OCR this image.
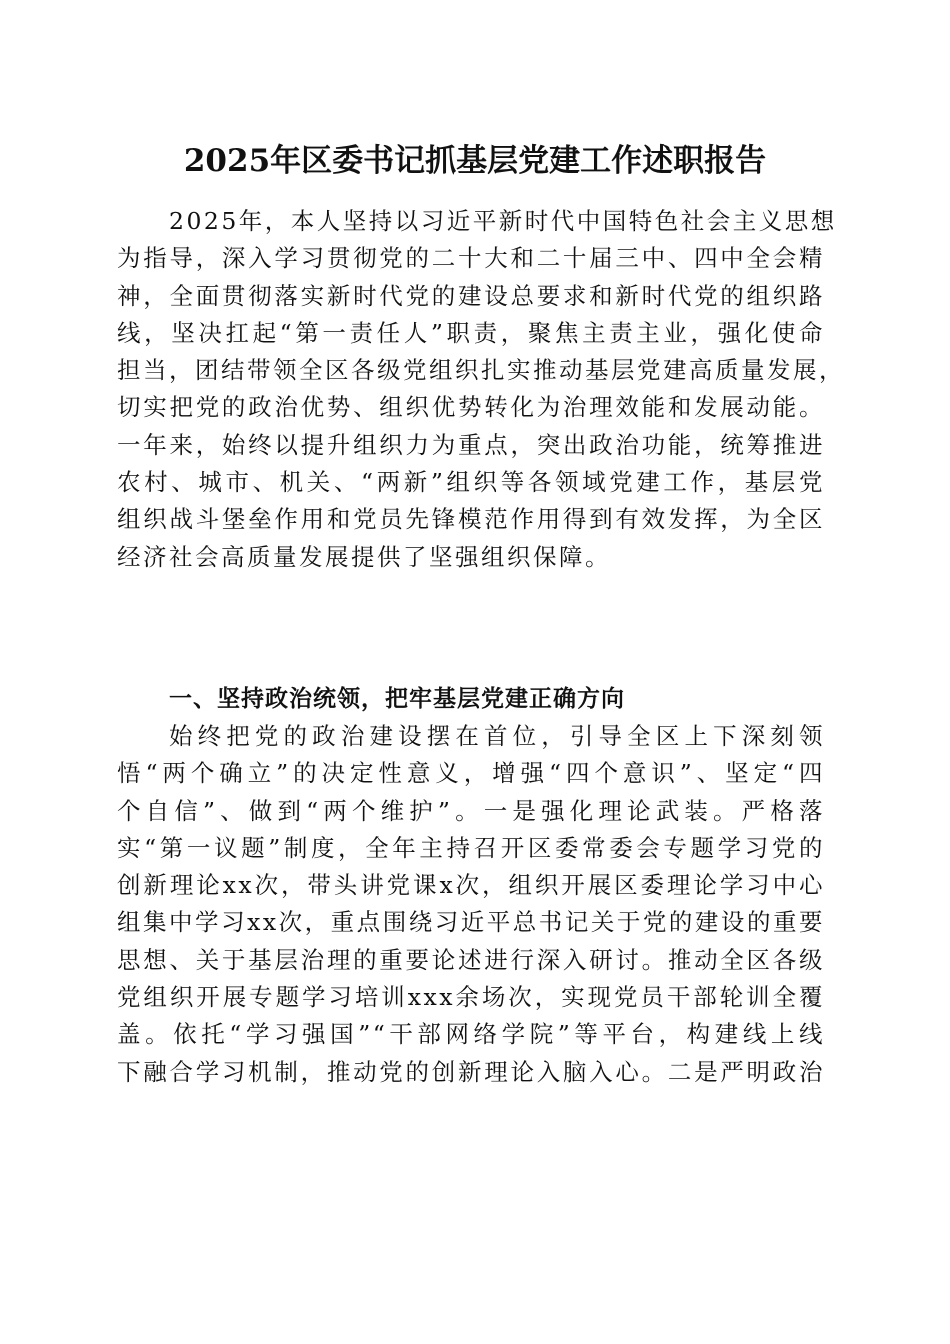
2025年区委书记抓基层党建工作述职报告
2025年，本人坚持以习近平新时代中国特色社会主义思想
为指导，深入学习贯彻党的二十大和二十届三中、四中全会精
神，全面贯彻落实新时代党的建设总要求和新时代党的组织路
线，坚决扛起“第一责任人”职责，聚焦主责主业，强化使命
担当，团结带领全区各级党组织扎实推动基层党建高质量发展，
切实把党的政治优势、组织优势转化为治理效能和发展动能。
一年来，始终以提升组织力为重点，突出政治功能，统筹推进
农村、城市、机关、“两新”组织等各领域党建工作，基层党
组织战斗堡垒作用和党员先锋模范作用得到有效发挥，为全区
经济社会高质量发展提供了坚强组织保障。
一、坚持政治统领，把牢基层党建正确方向
始终把党的政治建设摆在首位，引导全区上下深刻领
悟“两个确立”的决定性意义，增强“四个意识”、坚定“四
个自信”、做到“两个维护”。一是强化理论武装。严格落
实“第一议题”制度，全年主持召开区委常委会专题学习党的
创新理论xx次，带头讲党课x次，组织开展区委理论学习中心
组集中学习xx次，重点围绕习近平总书记关于党的建设的重要
思想、关于基层治理的重要论述进行深入研讨。推动全区各级
党组织开展专题学习培训xxx余场次，实现党员干部轮训全覆
盖。依托“学习强国”“干部网络学院”等平台，构建线上线
下融合学习机制，推动党的创新理论入脑入心。二是严明政治
